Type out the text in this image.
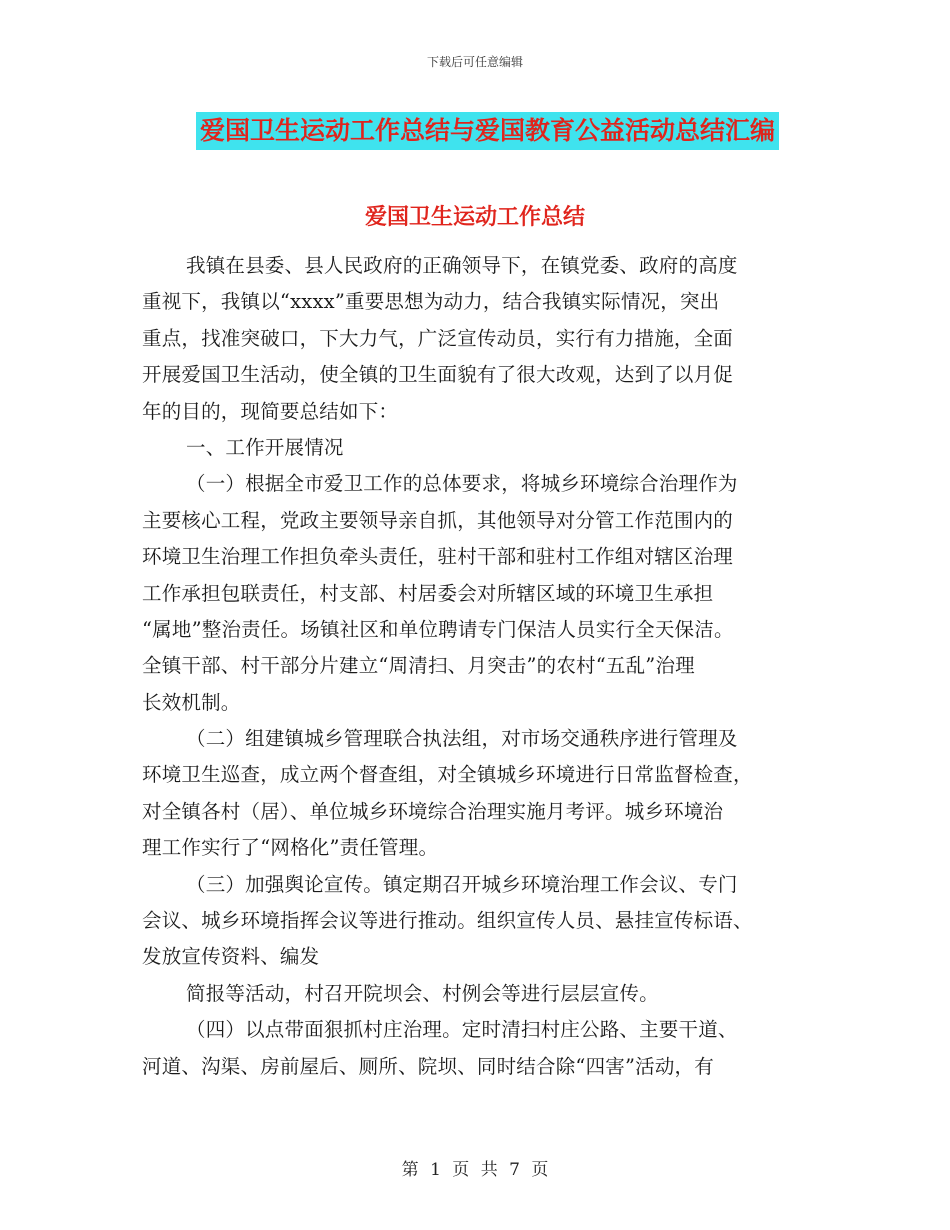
下载后可任意编辑
爱国卫生运动工作总结与爱国教育公益活动总结汇编
爱国卫生运动工作总结
我镇在县委、县人民政府的正确领导下，在镇党委、政府的高度
重视下，我镇以“xxxx”重要思想为动力，结合我镇实际情况，突出
重点，找准突破口，下大力气，广泛宣传动员，实行有力措施，全面
开展爱国卫生活动，使全镇的卫生面貌有了很大改观，达到了以月促
年的目的，现简要总结如下：
一、工作开展情况
（一）根据全市爱卫工作的总体要求，将城乡环境综合治理作为
主要核心工程，党政主要领导亲自抓，其他领导对分管工作范围内的
环境卫生治理工作担负牵头责任，驻村干部和驻村工作组对辖区治理
工作承担包联责任，村支部、村居委会对所辖区域的环境卫生承担
“属地”整治责任。场镇社区和单位聘请专门保洁人员实行全天保洁。
全镇干部、村干部分片建立“周清扫、月突击”的农村“五乱”治理
长效机制。
（二）组建镇城乡管理联合执法组，对市场交通秩序进行管理及
环境卫生巡查，成立两个督查组，对全镇城乡环境进行日常监督检查，
对全镇各村（居）、单位城乡环境综合治理实施月考评。城乡环境治
理工作实行了“网格化”责任管理。
（三）加强舆论宣传。镇定期召开城乡环境治理工作会议、专门
会议、城乡环境指挥会议等进行推动。组织宣传人员、悬挂宣传标语、
发放宣传资料、编发
简报等活动，村召开院坝会、村例会等进行层层宣传。
（四）以点带面狠抓村庄治理。定时清扫村庄公路、主要干道、
河道、沟渠、房前屋后、厕所、院坝、同时结合除“四害”活动，有
第 1 页 共 7 页
